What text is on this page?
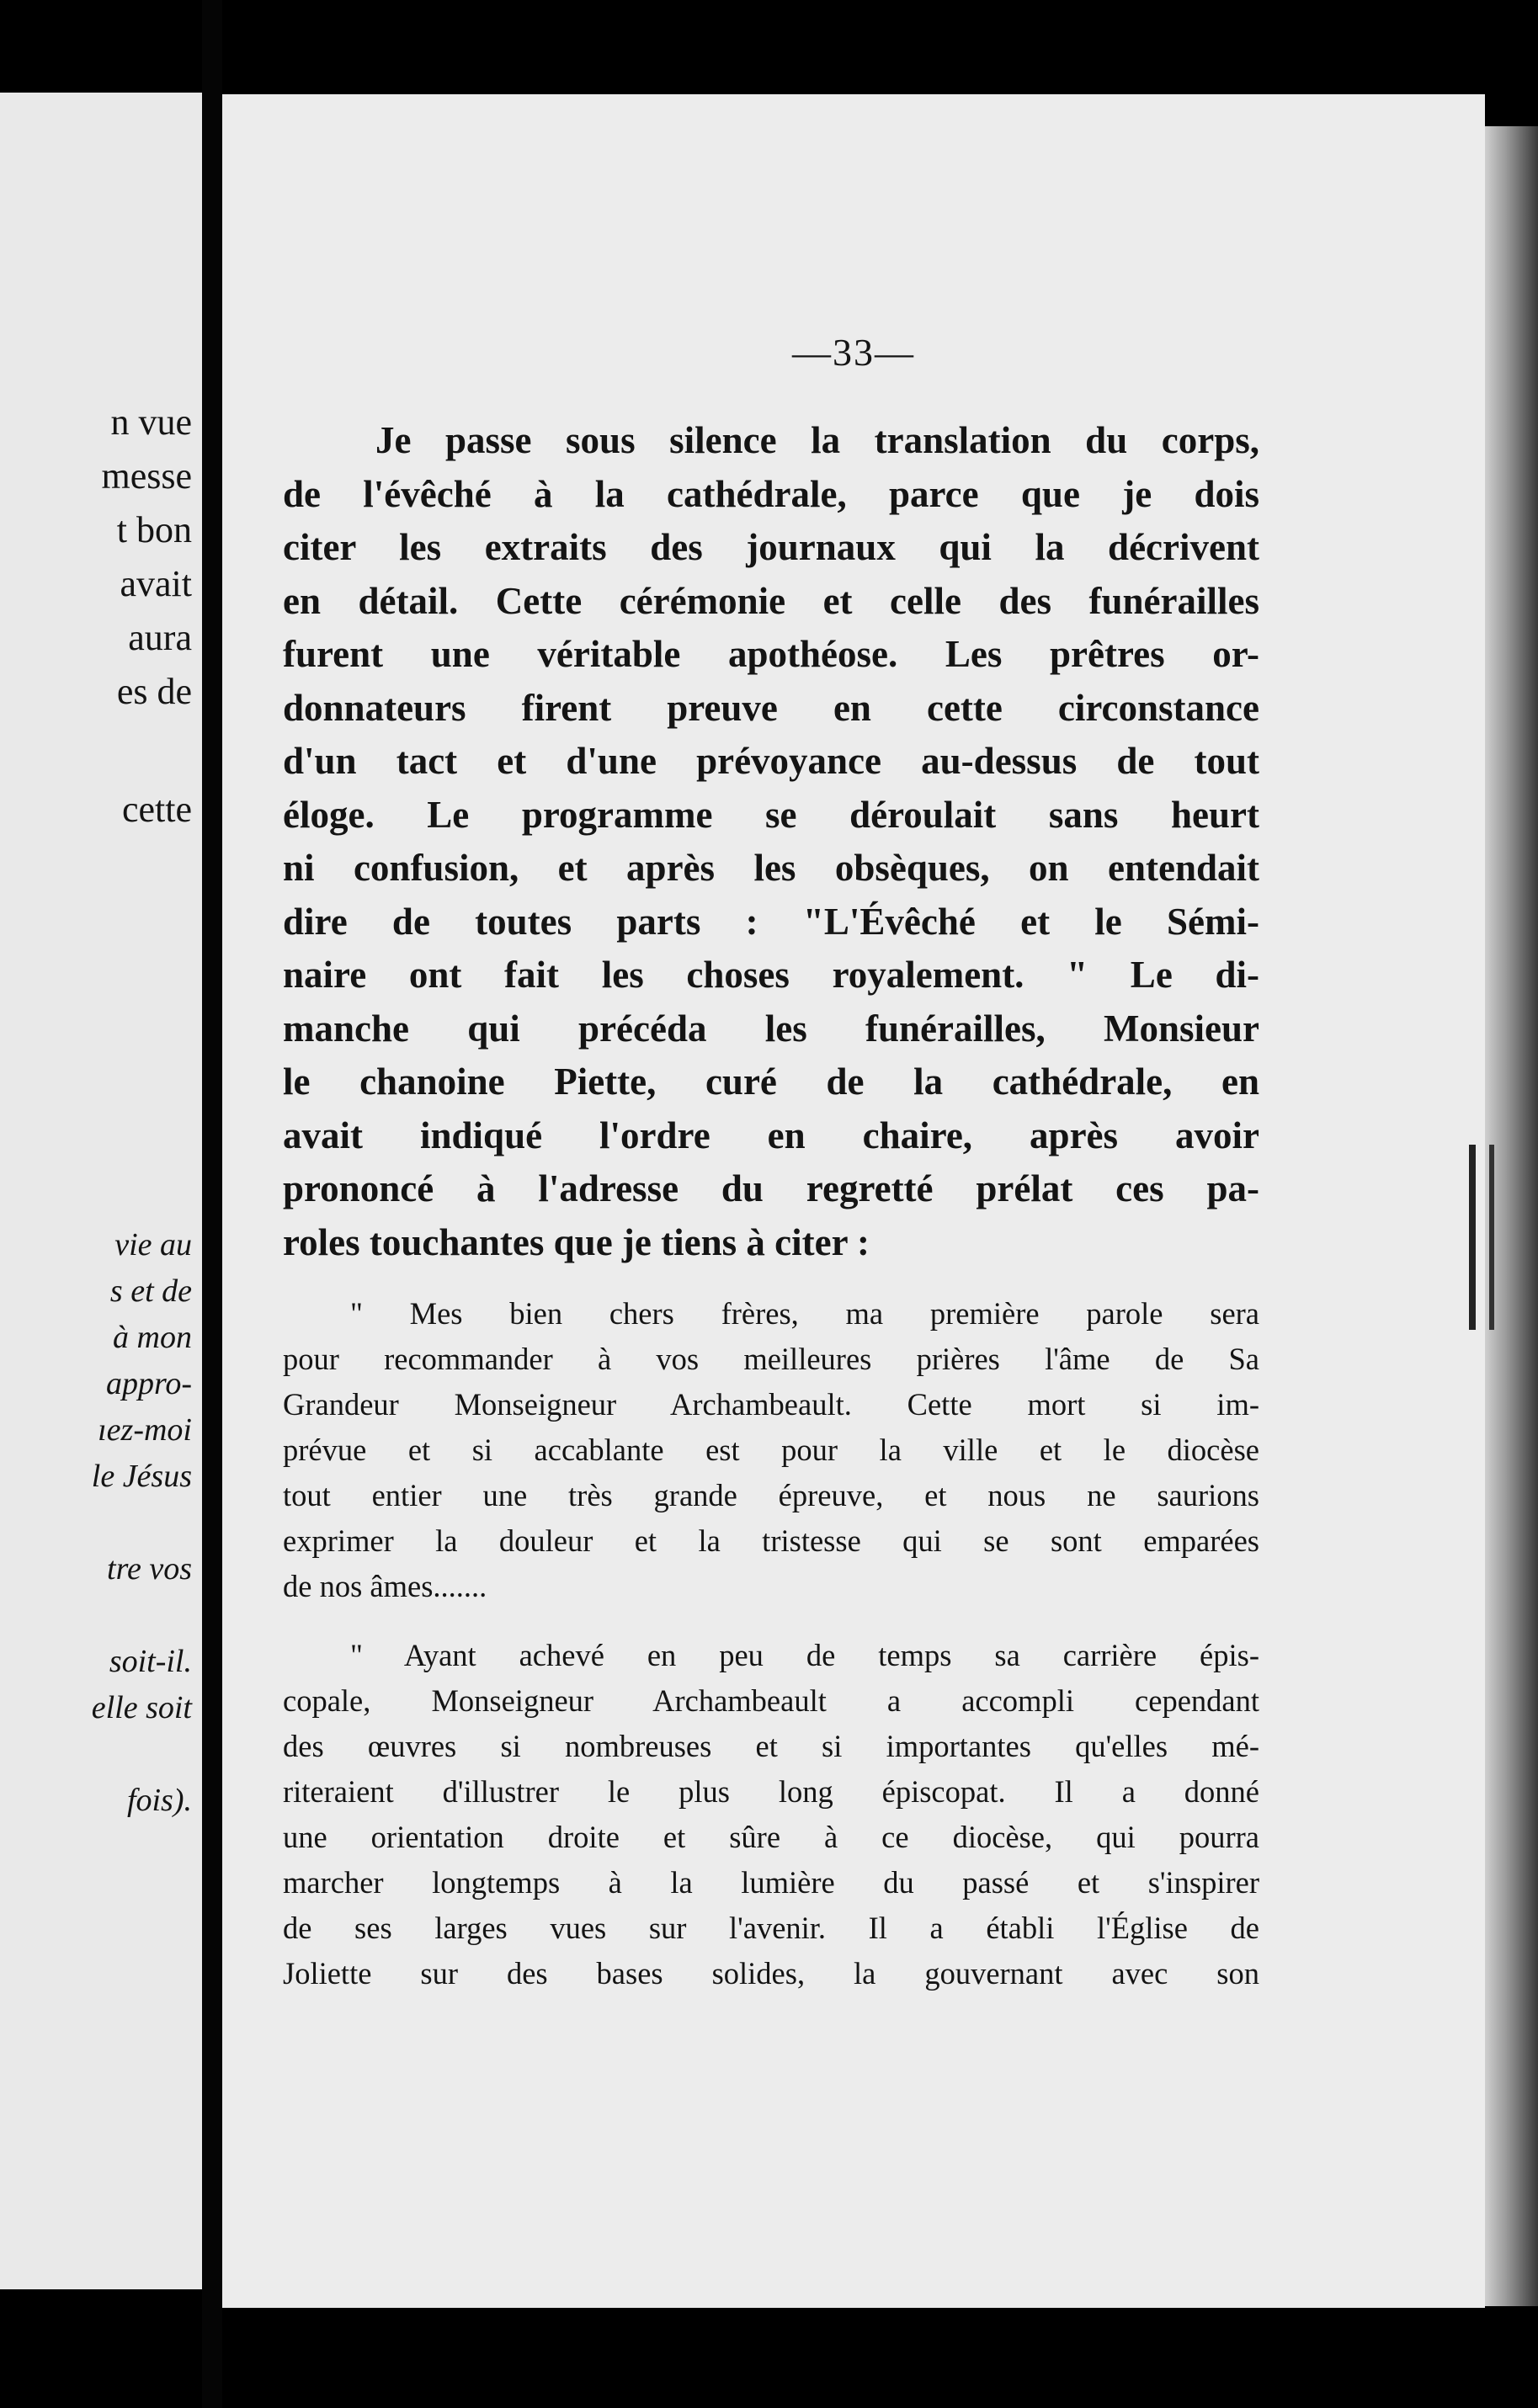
n vue
messe
t bon
avait
aura
es de
cette
vie au
s et de
à mon
appro-
ıez-moi
le Jésus
tre vos
soit-il.
elle soit
fois).
—33—
Je passe sous silence la translation du corps,
de l'évêché à la cathédrale, parce que je dois
citer les extraits des journaux qui la décrivent
en détail. Cette cérémonie et celle des funérailles
furent une véritable apothéose. Les prêtres or-
donnateurs firent preuve en cette circonstance
d'un tact et d'une prévoyance au-dessus de tout
éloge. Le programme se déroulait sans heurt
ni confusion, et après les obsèques, on entendait
dire de toutes parts : "L'Évêché et le Sémi-
naire ont fait les choses royalement. " Le di-
manche qui précéda les funérailles, Monsieur
le chanoine Piette, curé de la cathédrale, en
avait indiqué l'ordre en chaire, après avoir
prononcé à l'adresse du regretté prélat ces pa-
roles touchantes que je tiens à citer :
" Mes bien chers frères, ma première parole sera
pour recommander à vos meilleures prières l'âme de Sa
Grandeur Monseigneur Archambeault. Cette mort si im-
prévue et si accablante est pour la ville et le diocèse
tout entier une très grande épreuve, et nous ne saurions
exprimer la douleur et la tristesse qui se sont emparées
de nos âmes.......
" Ayant achevé en peu de temps sa carrière épis-
copale, Monseigneur Archambeault a accompli cependant
des œuvres si nombreuses et si importantes qu'elles mé-
riteraient d'illustrer le plus long épiscopat. Il a donné
une orientation droite et sûre à ce diocèse, qui pourra
marcher longtemps à la lumière du passé et s'inspirer
de ses larges vues sur l'avenir. Il a établi l'Église de
Joliette sur des bases solides, la gouvernant avec son
